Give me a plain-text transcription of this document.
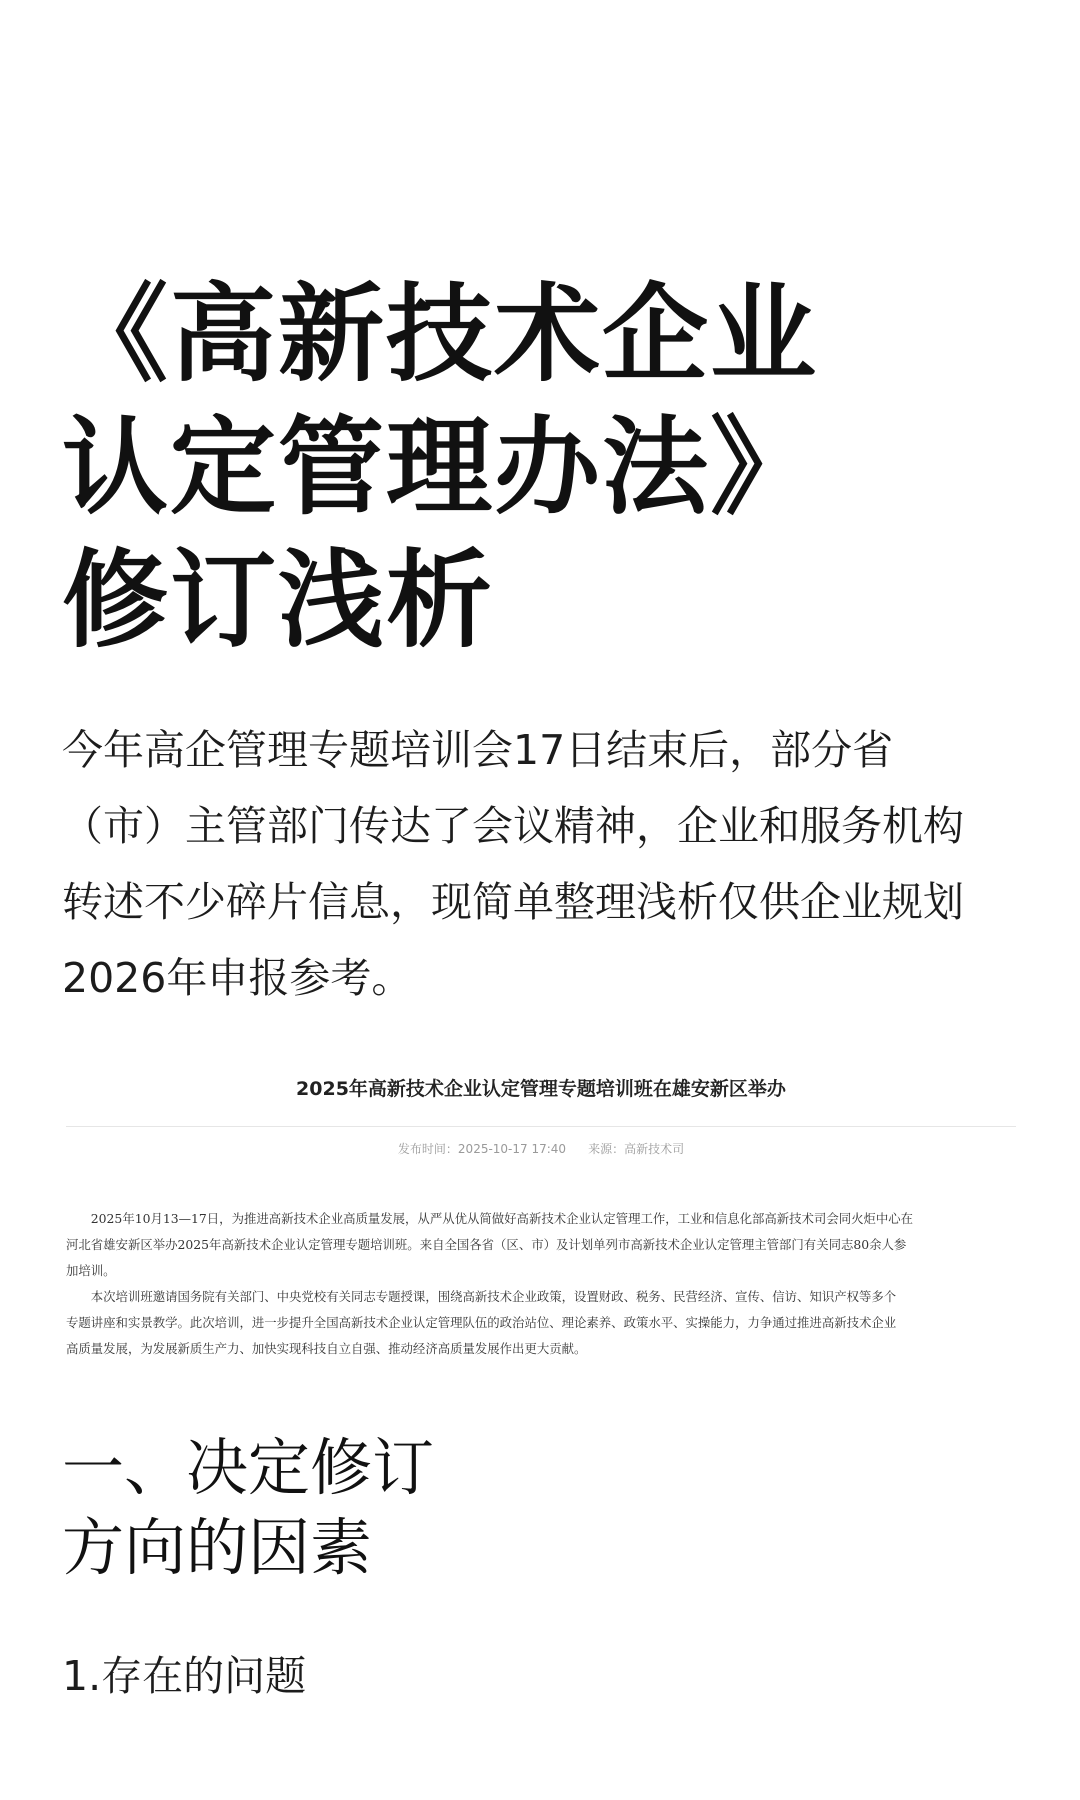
《高新技术企业
认定管理办法》
修订浅析

今年高企管理专题培训会17日结束后，部分省
（市）主管部门传达了会议精神，企业和服务机构
转述不少碎片信息，现简单整理浅析仅供企业规划
2026年申报参考。

2025年高新技术企业认定管理专题培训班在雄安新区举办
发布时间：2025-10-17 17:40 来源：高新技术司
　　2025年10月13—17日，为推进高新技术企业高质量发展，从严从优从简做好高新技术企业认定管理工作，工业和信息化部高新技术司会同火炬中心在
河北省雄安新区举办2025年高新技术企业认定管理专题培训班。来自全国各省（区、市）及计划单列市高新技术企业认定管理主管部门有关同志80余人参
加培训。
　　本次培训班邀请国务院有关部门、中央党校有关同志专题授课，围绕高新技术企业政策，设置财政、税务、民营经济、宣传、信访、知识产权等多个
专题讲座和实景教学。此次培训，进一步提升全国高新技术企业认定管理队伍的政治站位、理论素养、政策水平、实操能力，力争通过推进高新技术企业
高质量发展，为发展新质生产力、加快实现科技自立自强、推动经济高质量发展作出更大贡献。
一、决定修订
方向的因素
1.存在的问题
